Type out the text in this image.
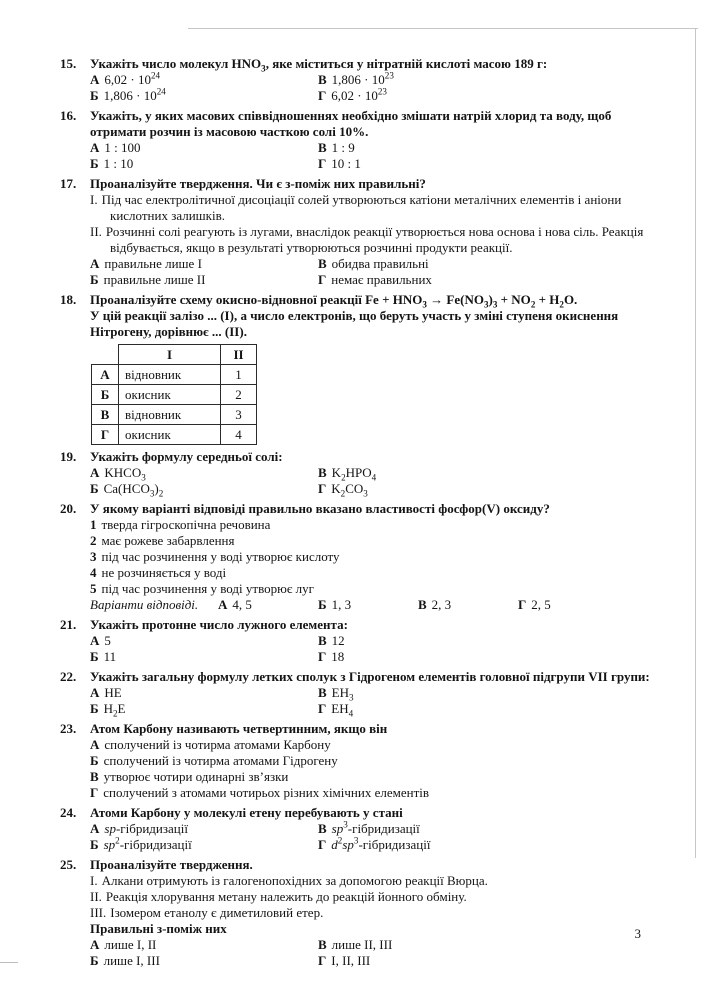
15.	Укажіть число молекул $HNO_3$, яке міститься у нітратній кислоті масою 189 г:

А $6,02 \cdot 10^{24}$
Б $1,806 \cdot 10^{24}$
В $1,806 \cdot 10^{23}$
Г $6,02 \cdot 10^{23}$
16.	Укажіть, у яких масових співвідношеннях необхідно змішати натрій хлорид та воду, щоб отримати розчин із масовою часткою солі 10%.

А 1 : 100
Б 1 : 10
В 1 : 9
Г 10 : 1
17.	Проаналізуйте твердження. Чи є з-поміж них правильні?

І. Під час електролітичної дисоціації солей утворюються катіони металічних елементів і аніони кислотних залишків.

ІІ. Розчинні солі реагують із лугами, внаслідок реакції утворюється нова основа і нова сіль. Реакція відбувається, якщо в результаті утворюються розчинні продукти реакції.

А правильне лише І
Б правильне лише ІІ
В обидва правильні
Г немає правильних
18.	Проаналізуйте схему окисно-відновної реакції $Fe + HNO_3 \to Fe(NO_3)_3 + NO_2 + H_2O$.

У цій реакції залізо ... (І), а число електронів, що беруть участь у зміні ступеня окиснення Нітрогену, дорівнює ... (ІІ).

	І	ІІ
А	відновник	1
Б	окисник	2
В	відновник	3
Г	окисник	4
19.	Укажіть формулу середньої солі:

А $KHCO_3$
Б $Ca(HCO_3)_2$
В $K_2HPO_4$
Г $K_2CO_3$
20.	У якому варіанті відповіді правильно вказано властивості фосфор(V) оксиду?

1 тверда гігроскопічна речовина

2 має рожеве забарвлення

3 під час розчинення у воді утворює кислоту

4 не розчиняється у воді

5 під час розчинення у воді утворює луг

Варіанти відповіді.	А 4, 5	Б 1, 3	В 2, 3	Г 2, 5
21.	Укажіть протонне число лужного елемента:

А 5
Б 11
В 12
Г 18
22.	Укажіть загальну формулу летких сполук з Гідрогеном елементів головної підгрупи VII групи:

А HE
Б $H_2E$
В $EH_3$
Г $EH_4$
23.	Атом Карбону називають четвертинним, якщо він

А сполучений із чотирма атомами Карбону
Б сполучений із чотирма атомами Гідрогену
В утворює чотири одинарні зв’язки
Г сполучений з атомами чотирьох різних хімічних елементів
24.	Атоми Карбону у молекулі етену перебувають у стані

А sp-гібридизації
Б $sp^2$-гібридизації
В $sp^3$-гібридизації
Г $d^2sp^3$-гібридизації
25.	Проаналізуйте твердження.

І. Алкани отримують із галогенопохідних за допомогою реакції Вюрца.

ІІ. Реакція хлорування метану належить до реакцій йонного обміну.

ІІІ. Ізомером етанолу є диметиловий етер.

Правильні з-поміж них

А лише І, ІІ
Б лише І, ІІІ
В лише ІІ, ІІІ
Г І, ІІ, ІІІ
3
